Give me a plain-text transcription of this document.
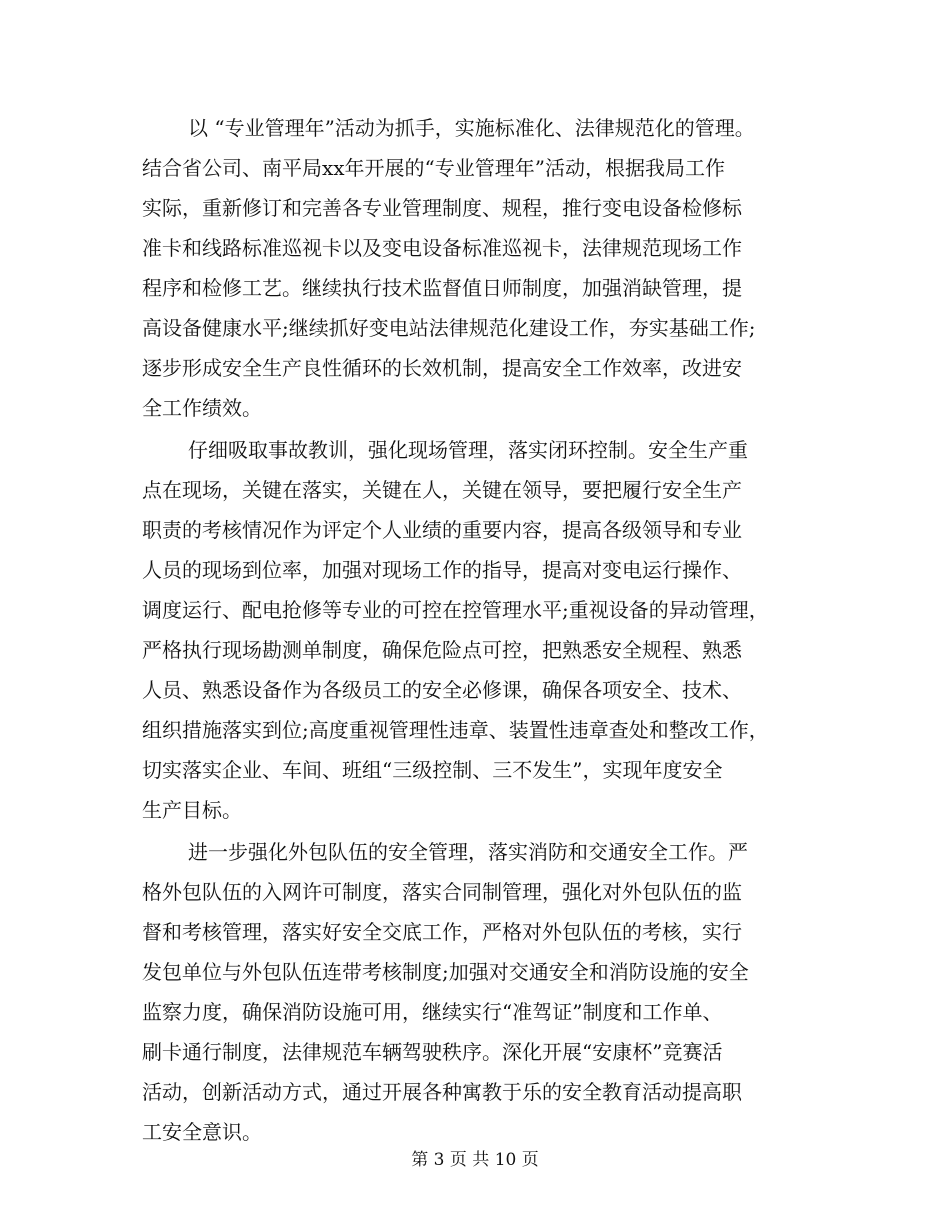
以 “专业管理年”活动为抓手，实施标准化、法律规范化的管理。
结合省公司、南平局xx年开展的“专业管理年”活动，根据我局工作
实际，重新修订和完善各专业管理制度、规程，推行变电设备检修标
准卡和线路标准巡视卡以及变电设备标准巡视卡，法律规范现场工作
程序和检修工艺。继续执行技术监督值日师制度，加强消缺管理，提
高设备健康水平;继续抓好变电站法律规范化建设工作，夯实基础工作;
逐步形成安全生产良性循环的长效机制，提高安全工作效率，改进安
全工作绩效。
仔细吸取事故教训，强化现场管理，落实闭环控制。安全生产重
点在现场，关键在落实，关键在人，关键在领导，要把履行安全生产
职责的考核情况作为评定个人业绩的重要内容，提高各级领导和专业
人员的现场到位率，加强对现场工作的指导，提高对变电运行操作、
调度运行、配电抢修等专业的可控在控管理水平;重视设备的异动管理，
严格执行现场勘测单制度，确保危险点可控，把熟悉安全规程、熟悉
人员、熟悉设备作为各级员工的安全必修课，确保各项安全、技术、
组织措施落实到位;高度重视管理性违章、装置性违章查处和整改工作，
切实落实企业、车间、班组“三级控制、三不发生”，实现年度安全
生产目标。
进一步强化外包队伍的安全管理，落实消防和交通安全工作。严
格外包队伍的入网许可制度，落实合同制管理，强化对外包队伍的监
督和考核管理，落实好安全交底工作，严格对外包队伍的考核，实行
发包单位与外包队伍连带考核制度;加强对交通安全和消防设施的安全
监察力度，确保消防设施可用，继续实行“准驾证”制度和工作单、
刷卡通行制度，法律规范车辆驾驶秩序。深化开展“安康杯”竞赛活
活动，创新活动方式，通过开展各种寓教于乐的安全教育活动提高职
工安全意识。
第 3 页 共 10 页
